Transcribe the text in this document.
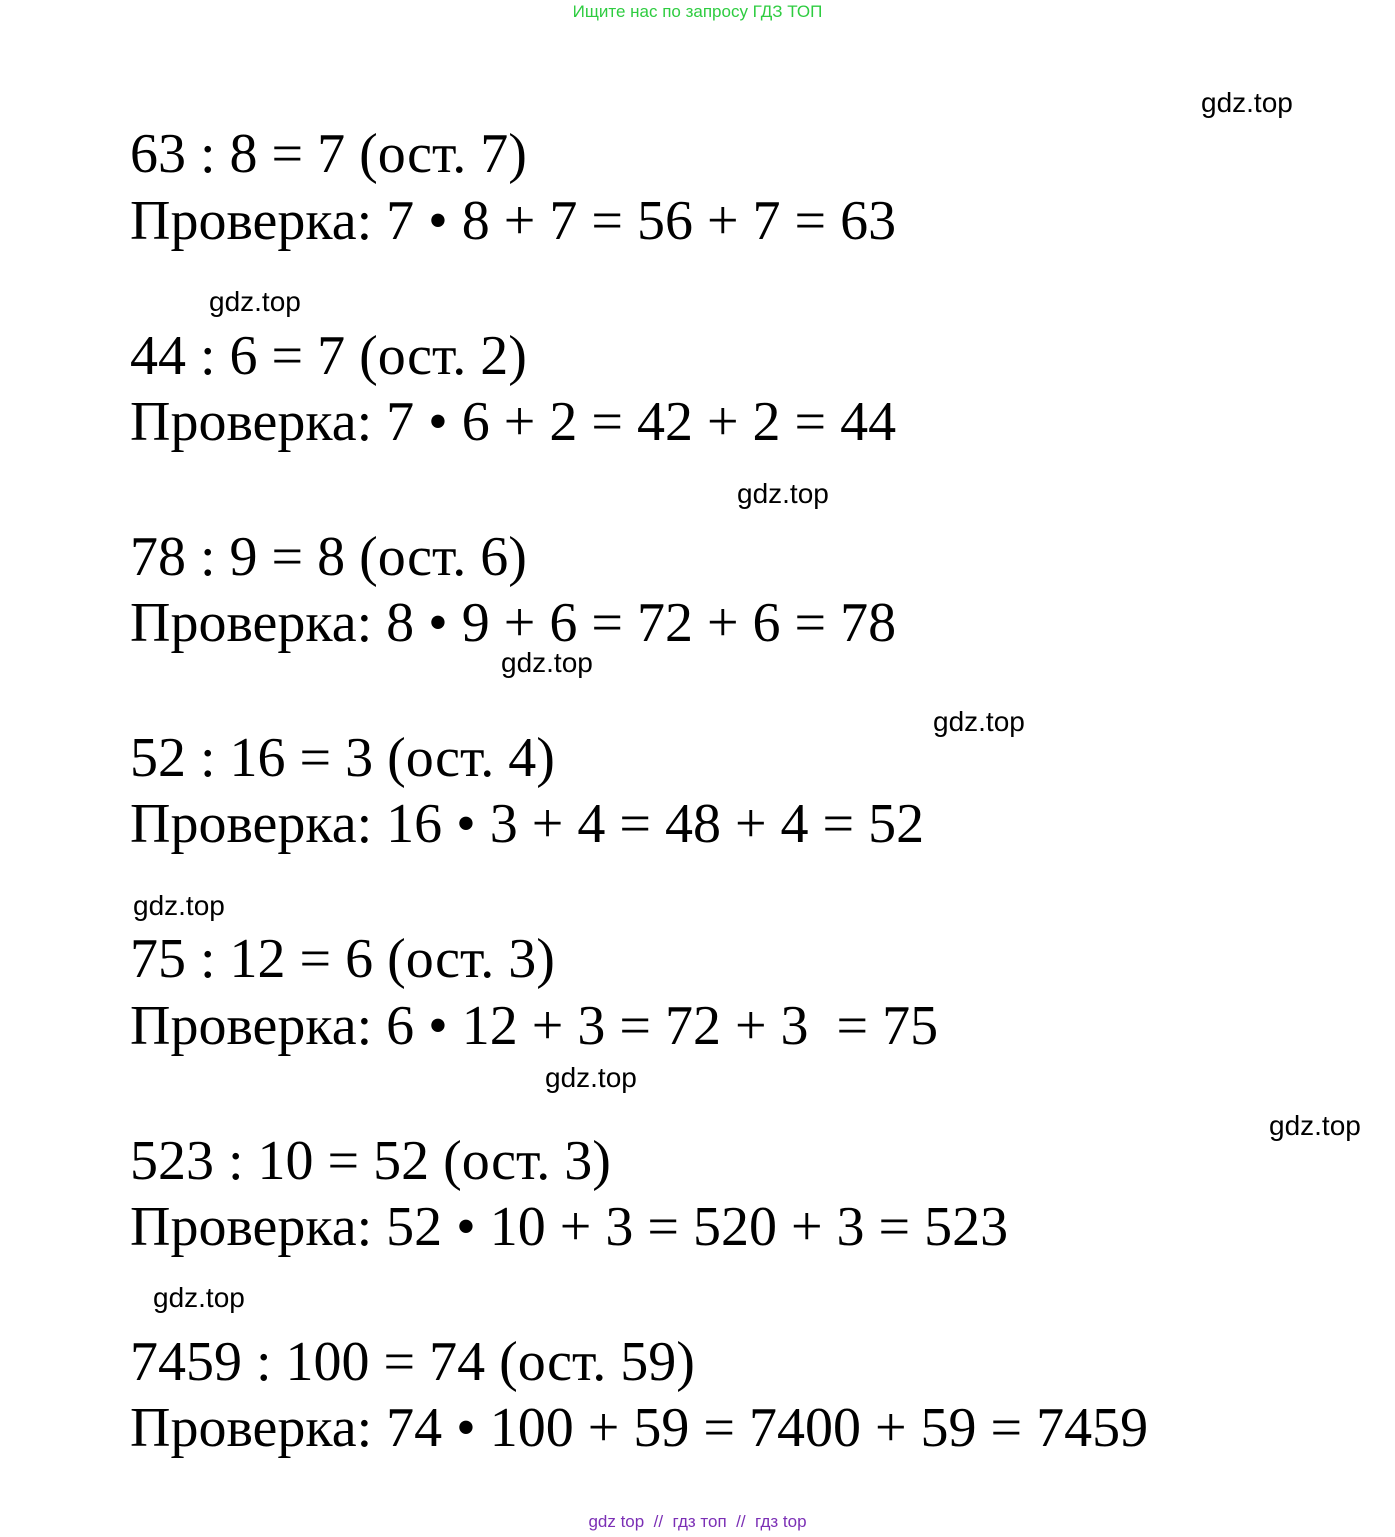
Ищите нас по запросу ГДЗ ТОП
63 : 8 = 7 (ост. 7)
Проверка: 7 • 8 + 7 = 56 + 7 = 63
44 : 6 = 7 (ост. 2)
Проверка: 7 • 6 + 2 = 42 + 2 = 44
78 : 9 = 8 (ост. 6)
Проверка: 8 • 9 + 6 = 72 + 6 = 78
52 : 16 = 3 (ост. 4)
Проверка: 16 • 3 + 4 = 48 + 4 = 52
75 : 12 = 6 (ост. 3)
Проверка: 6 • 12 + 3 = 72 + 3  = 75
523 : 10 = 52 (ост. 3)
Проверка: 52 • 10 + 3 = 520 + 3 = 523
7459 : 100 = 74 (ост. 59)
Проверка: 74 • 100 + 59 = 7400 + 59 = 7459
gdz.top
gdz.top
gdz.top
gdz.top
gdz.top
gdz.top
gdz.top
gdz.top
gdz.top
gdz top  //  гдз топ  //  гдз top
